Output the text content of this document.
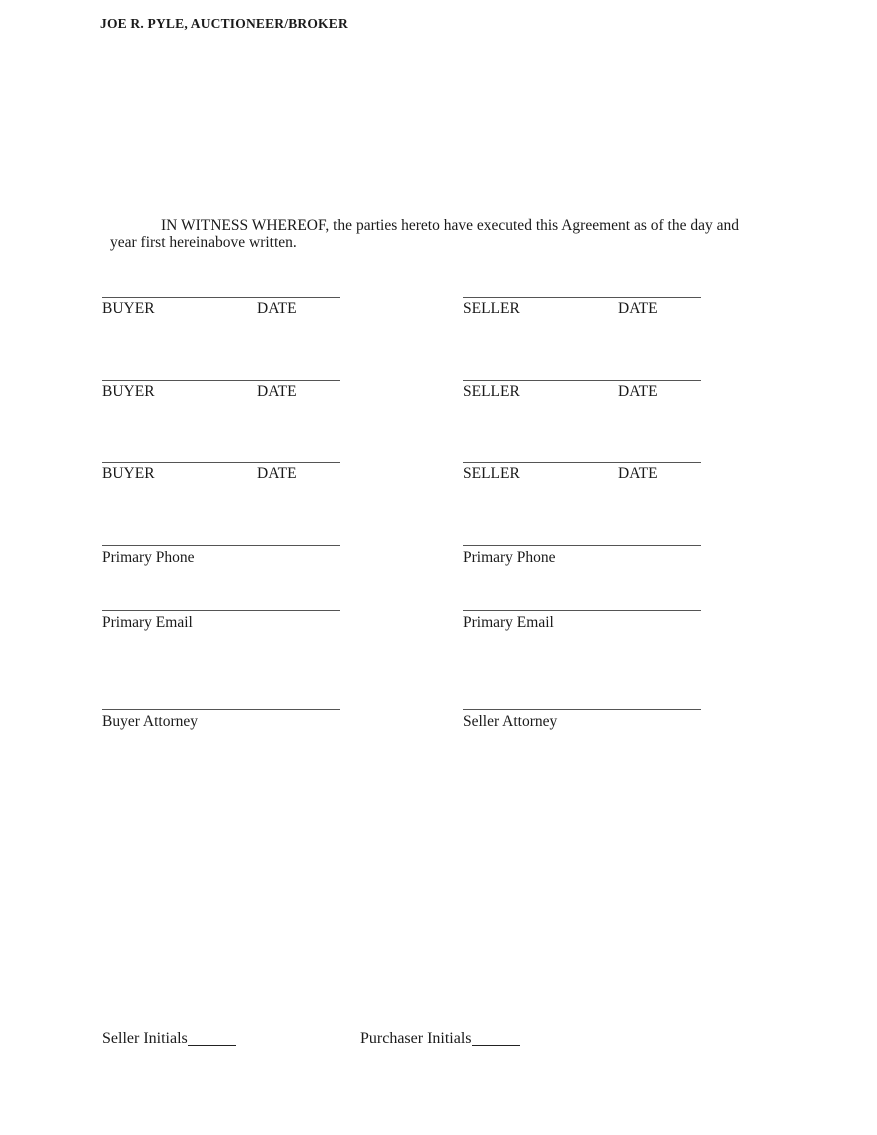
JOE R. PYLE, AUCTIONEER/BROKER
IN WITNESS WHEREOF, the parties hereto have executed this Agreement as of the day and year first hereinabove written.
BUYER	DATE	SELLER	DATE
BUYER	DATE	SELLER	DATE
BUYER	DATE	SELLER	DATE
Primary Phone	Primary Phone
Primary Email	Primary Email
Buyer Attorney	Seller Attorney
Seller Initials	Purchaser Initials
